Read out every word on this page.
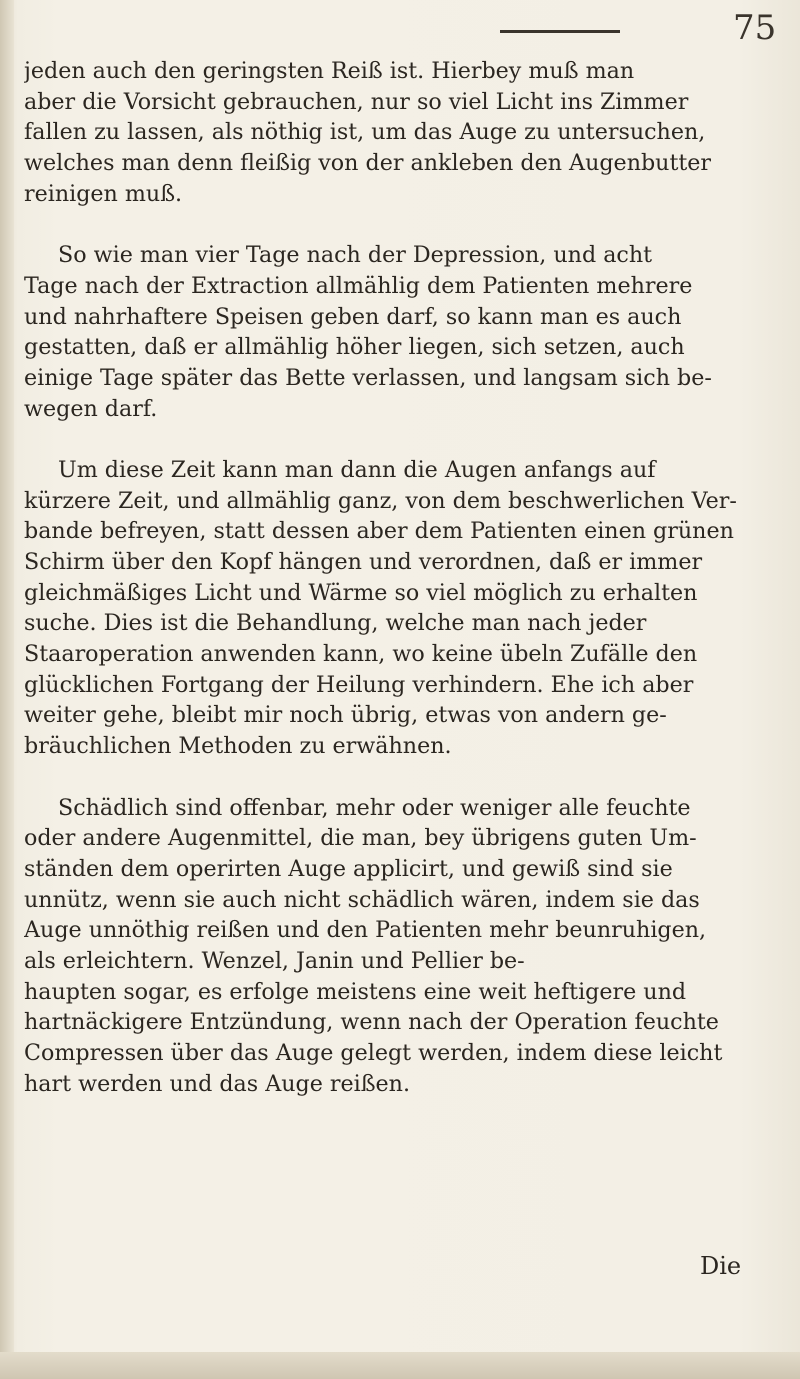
75
jeden auch den geringsten Reiß ist. Hierbey muß man
aber die Vorsicht gebrauchen, nur so viel Licht ins Zimmer
fallen zu lassen, als nöthig ist, um das Auge zu untersuchen,
welches man denn fleißig von der ankleben den Augenbutter
reinigen muß.
So wie man vier Tage nach der Depression, und acht
Tage nach der Extraction allmählig dem Patienten mehrere
und nahrhaftere Speisen geben darf, so kann man es auch
gestatten, daß er allmählig höher liegen, sich setzen, auch
einige Tage später das Bette verlassen, und langsam sich be-
wegen darf.
Um diese Zeit kann man dann die Augen anfangs auf
kürzere Zeit, und allmählig ganz, von dem beschwerlichen Ver-
bande befreyen, statt dessen aber dem Patienten einen grünen
Schirm über den Kopf hängen und verordnen, daß er immer
gleichmäßiges Licht und Wärme so viel möglich zu erhalten
suche. Dies ist die Behandlung, welche man nach jeder
Staaroperation anwenden kann, wo keine übeln Zufälle den
glücklichen Fortgang der Heilung verhindern. Ehe ich aber
weiter gehe, bleibt mir noch übrig, etwas von andern ge-
bräuchlichen Methoden zu erwähnen.
Schädlich sind offenbar, mehr oder weniger alle feuchte
oder andere Augenmittel, die man, bey übrigens guten Um-
ständen dem operirten Auge applicirt, und gewiß sind sie
unnütz, wenn sie auch nicht schädlich wären, indem sie das
Auge unnöthig reißen und den Patienten mehr beunruhigen,
als erleichtern. Wenzel, Janin und Pellier be-
haupten sogar, es erfolge meistens eine weit heftigere und
hartnäckigere Entzündung, wenn nach der Operation feuchte
Compressen über das Auge gelegt werden, indem diese leicht
hart werden und das Auge reißen.
Die
